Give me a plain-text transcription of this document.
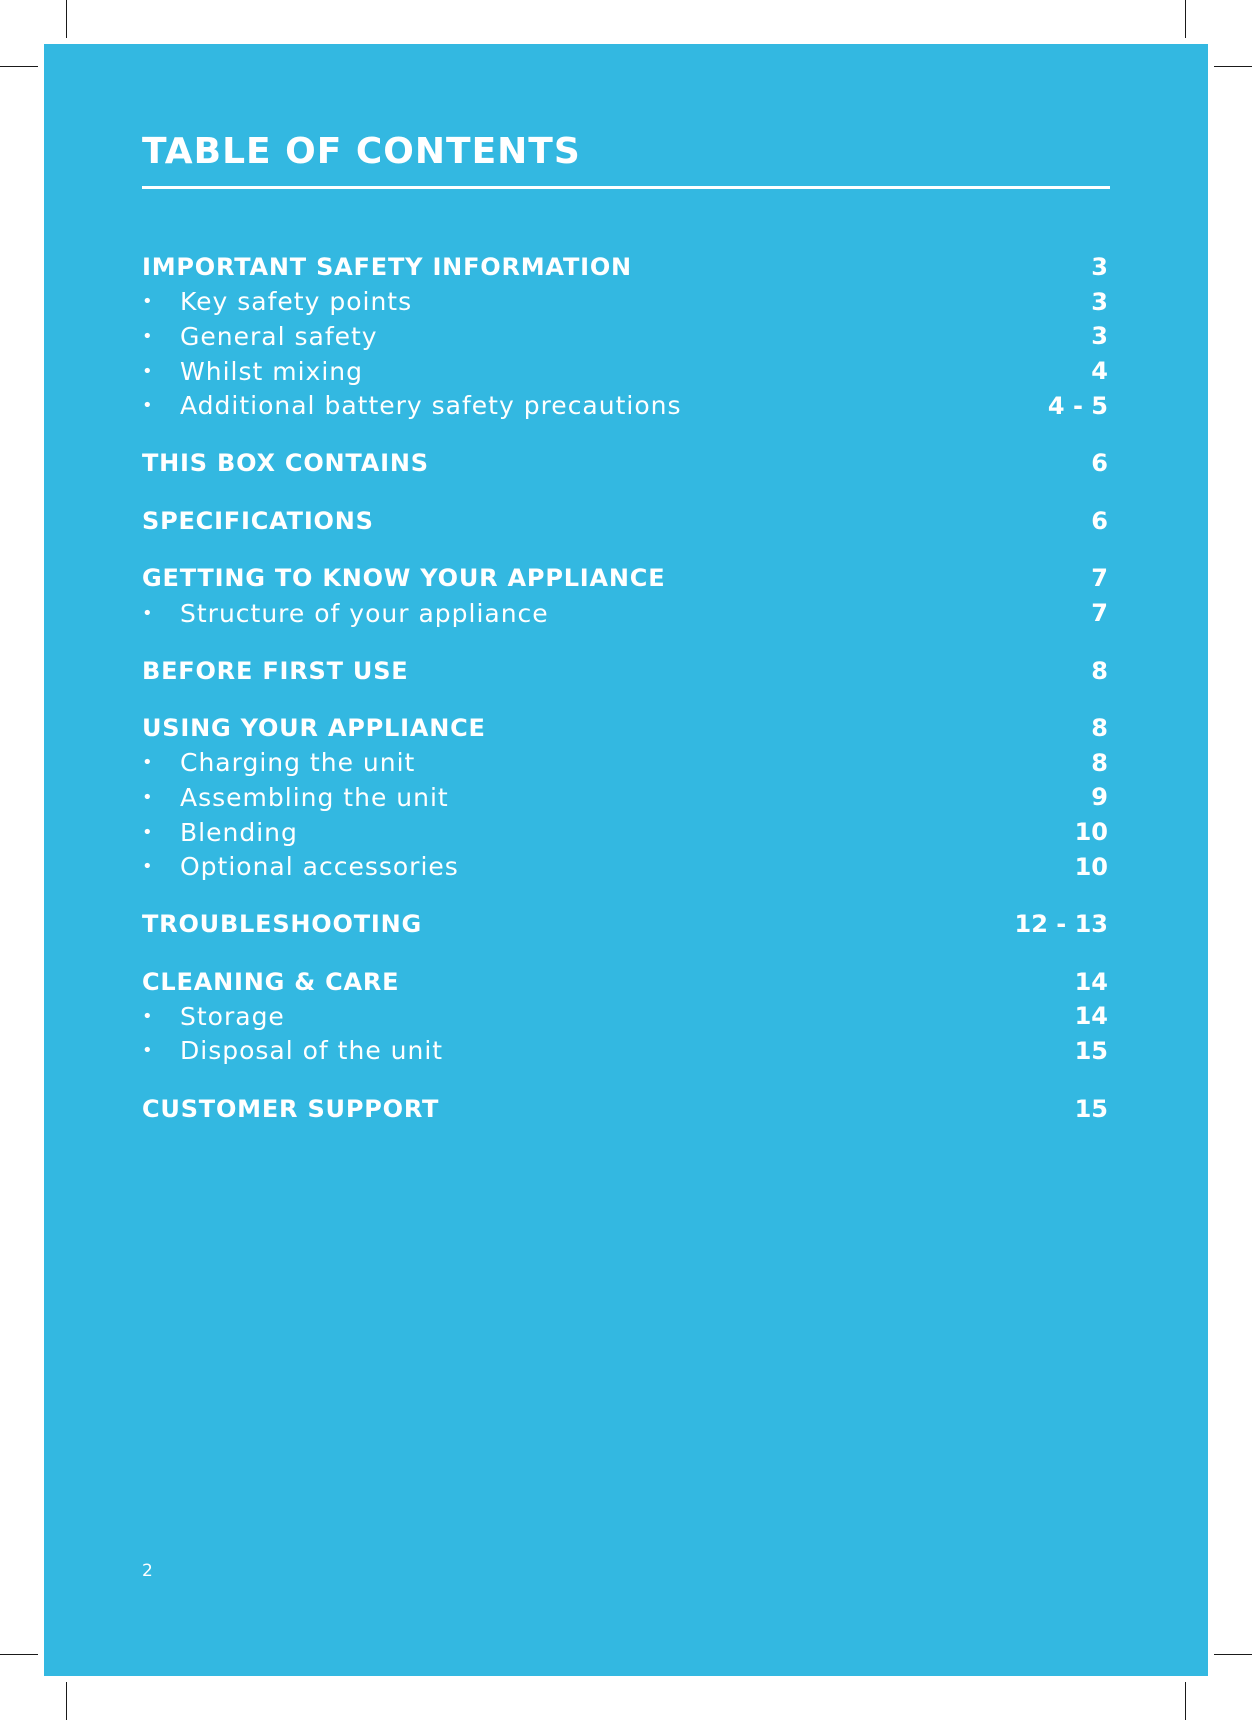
TABLE OF CONTENTS
IMPORTANT SAFETY INFORMATION	3
•	Key safety points	3
•	General safety	3
•	Whilst mixing	4
•	Additional battery safety precautions	4 - 5
THIS BOX CONTAINS	6
SPECIFICATIONS	6
GETTING TO KNOW YOUR APPLIANCE	7
•	Structure of your appliance	7
BEFORE FIRST USE	8
USING YOUR APPLIANCE	8
•	Charging the unit	8
•	Assembling the unit	9
•	Blending	10
•	Optional accessories	10
TROUBLESHOOTING	12 - 13
CLEANING & CARE	14
•	Storage	14
•	Disposal of the unit	15
CUSTOMER SUPPORT	15
2
